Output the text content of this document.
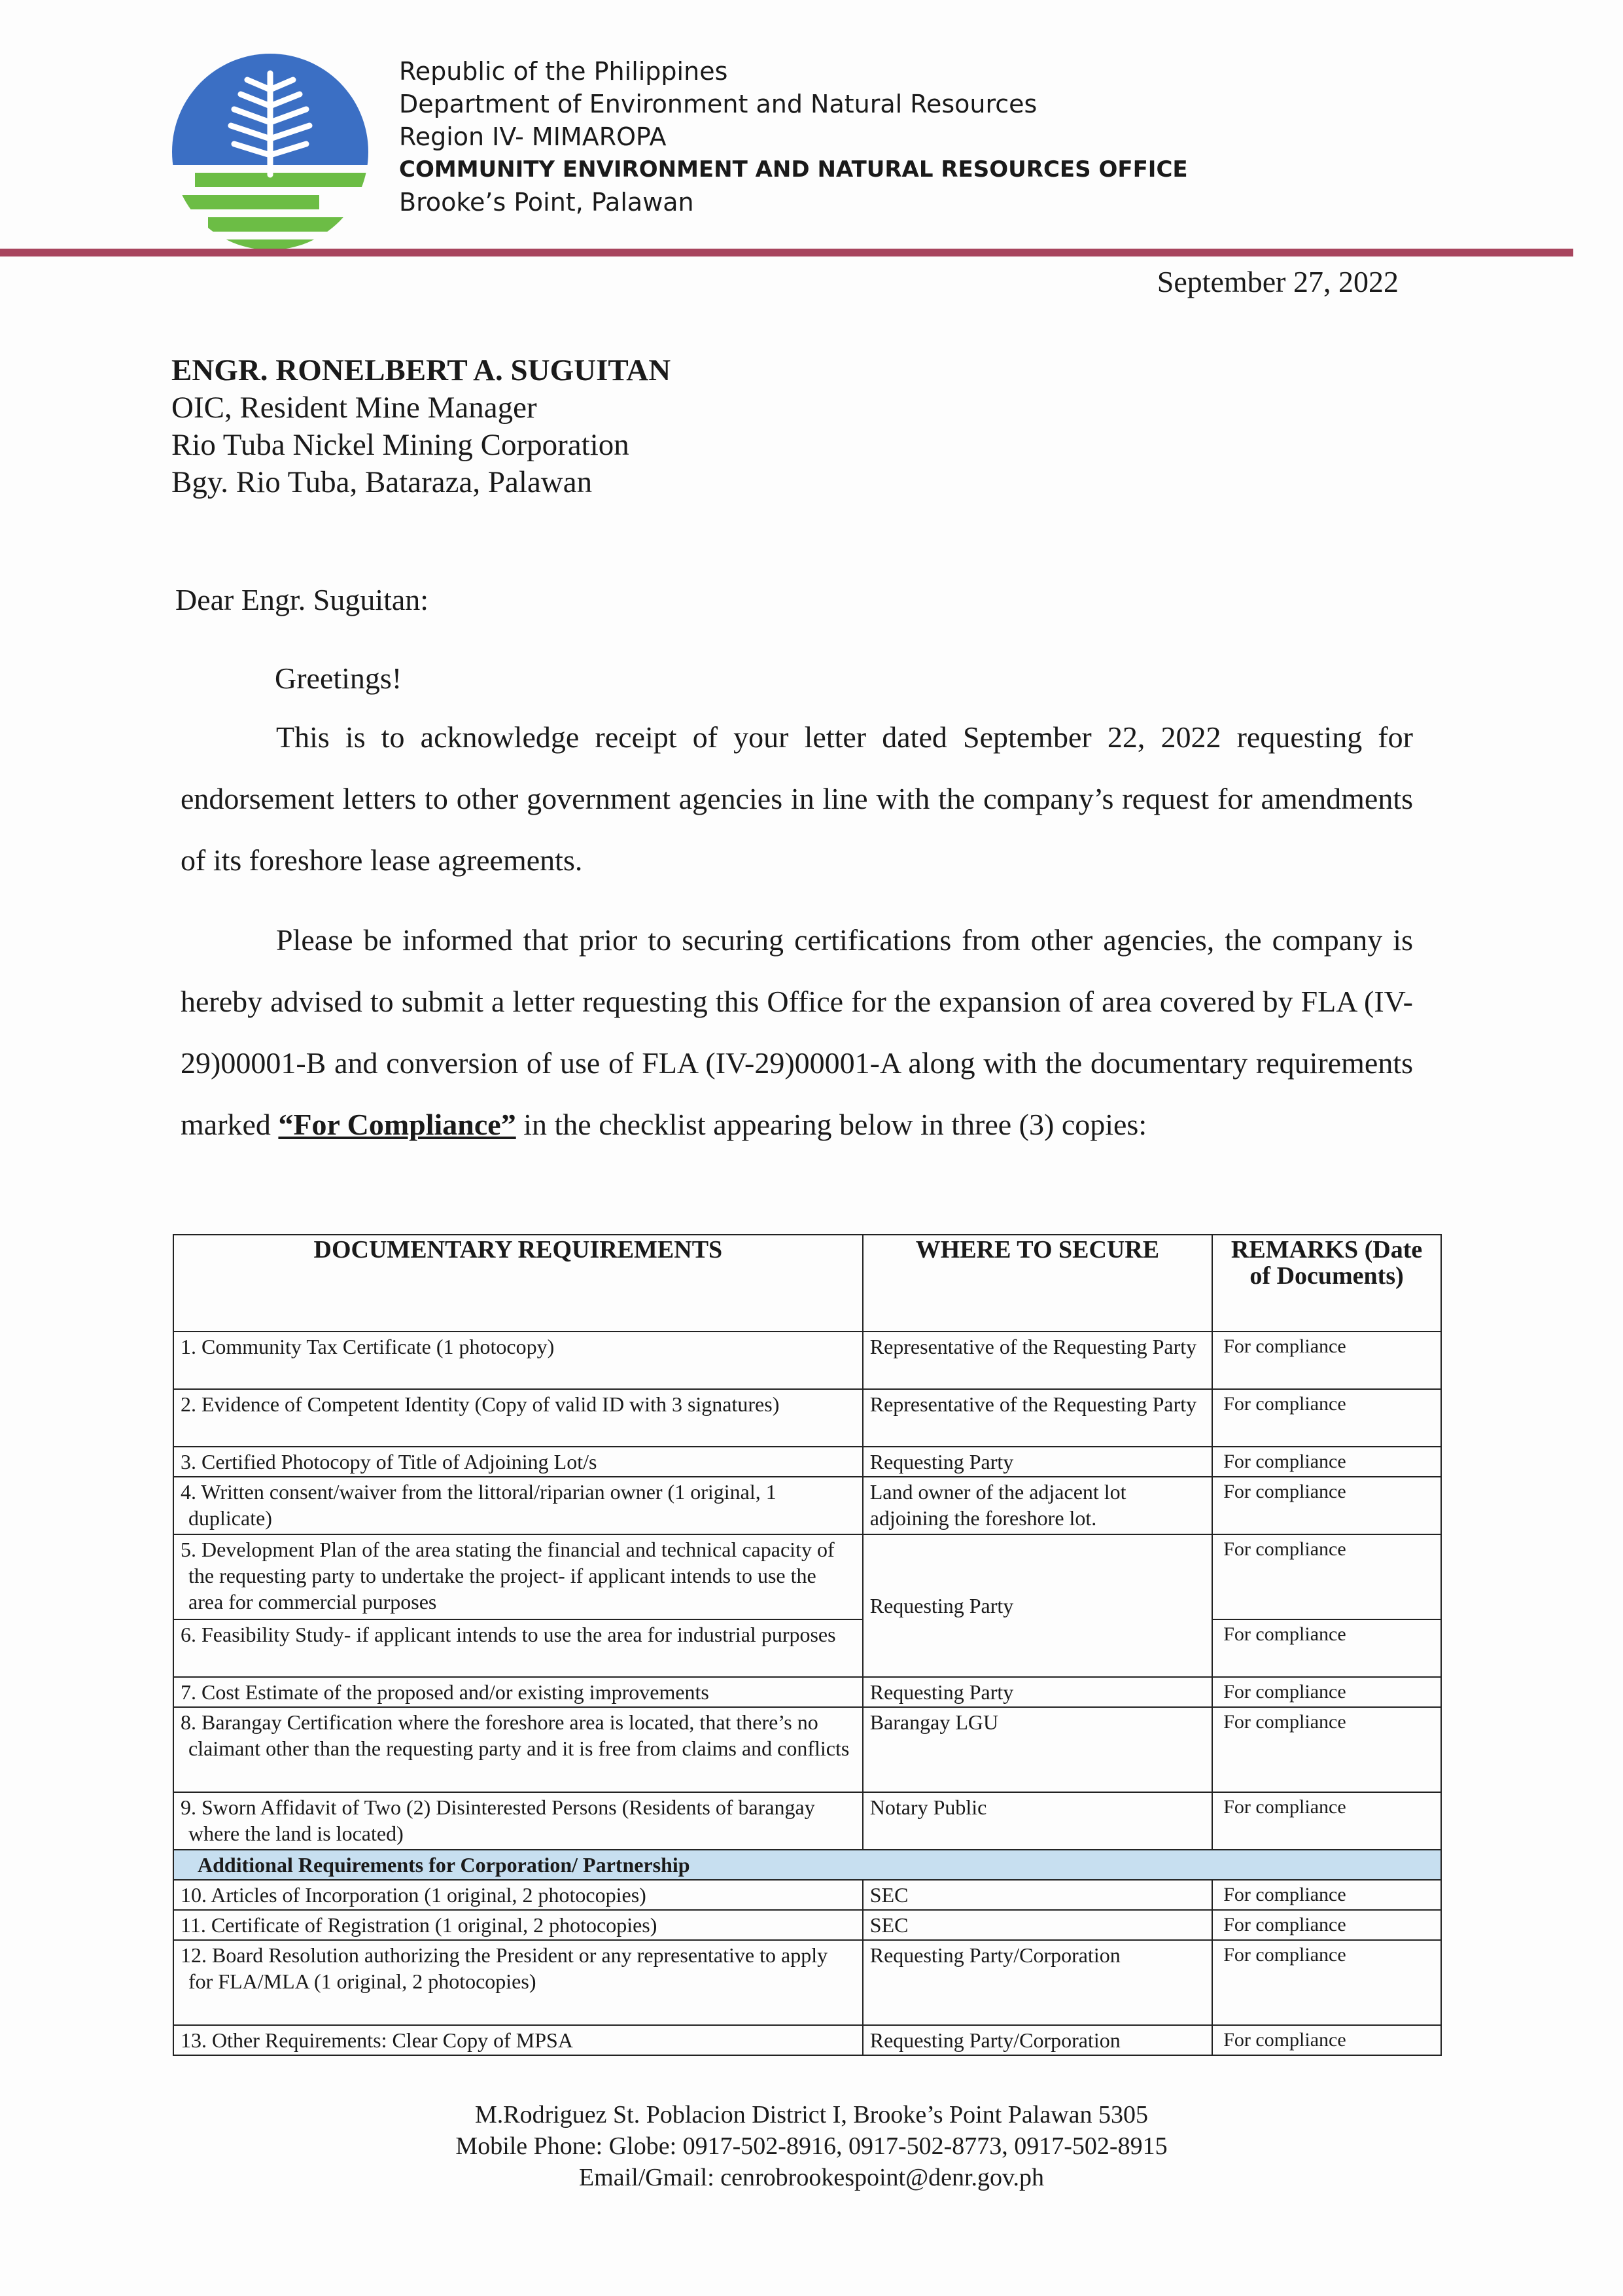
Republic of the Philippines
Department of Environment and Natural Resources
Region IV- MIMAROPA
COMMUNITY ENVIRONMENT AND NATURAL RESOURCES OFFICE
Brooke’s Point, Palawan
September 27, 2022
ENGR. RONELBERT A. SUGUITAN
OIC, Resident Mine Manager
Rio Tuba Nickel Mining Corporation
Bgy. Rio Tuba, Bataraza, Palawan
Dear Engr. Suguitan:
Greetings!
This is to acknowledge receipt of your letter dated September 22, 2022 requesting for endorsement letters to other government agencies in line with the company’s request for amendments of its foreshore lease agreements.
Please be informed that prior to securing certifications from other agencies, the company is hereby advised to submit a letter requesting this Office for the expansion of area covered by FLA (IV-29)00001-B and conversion of use of FLA (IV-29)00001-A along with the documentary requirements marked “For Compliance” in the checklist appearing below in three (3) copies:
DOCUMENTARY REQUIREMENTS	WHERE TO SECURE	REMARKS (Date of Documents)
1. Community Tax Certificate (1 photocopy)	Representative of the Requesting Party	For compliance
2. Evidence of Competent Identity (Copy of valid ID with 3 signatures)	Representative of the Requesting Party	For compliance
3. Certified Photocopy of Title of Adjoining Lot/s	Requesting Party	For compliance
4. Written consent/waiver from the littoral/riparian owner (1 original, 1 duplicate)	Land owner of the adjacent lot adjoining the foreshore lot.	For compliance
5. Development Plan of the area stating the financial and technical capacity of the requesting party to undertake the project- if applicant intends to use the area for commercial purposes	Requesting Party	For compliance
6. Feasibility Study- if applicant intends to use the area for industrial purposes		For compliance
7. Cost Estimate of the proposed and/or existing improvements	Requesting Party	For compliance
8. Barangay Certification where the foreshore area is located, that there’s no claimant other than the requesting party and it is free from claims and conflicts	Barangay LGU	For compliance
9. Sworn Affidavit of Two (2) Disinterested Persons (Residents of barangay where the land is located)	Notary Public	For compliance
Additional Requirements for Corporation/ Partnership		
10. Articles of Incorporation (1 original, 2 photocopies)	SEC	For compliance
11. Certificate of Registration (1 original, 2 photocopies)	SEC	For compliance
12. Board Resolution authorizing the President or any representative to apply for FLA/MLA (1 original, 2 photocopies)	Requesting Party/Corporation	For compliance
13. Other Requirements: Clear Copy of MPSA	Requesting Party/Corporation	For compliance
M.Rodriguez St. Poblacion District I, Brooke’s Point Palawan 5305
Mobile Phone: Globe: 0917-502-8916, 0917-502-8773, 0917-502-8915
Email/Gmail: cenrobrookespoint@denr.gov.ph
